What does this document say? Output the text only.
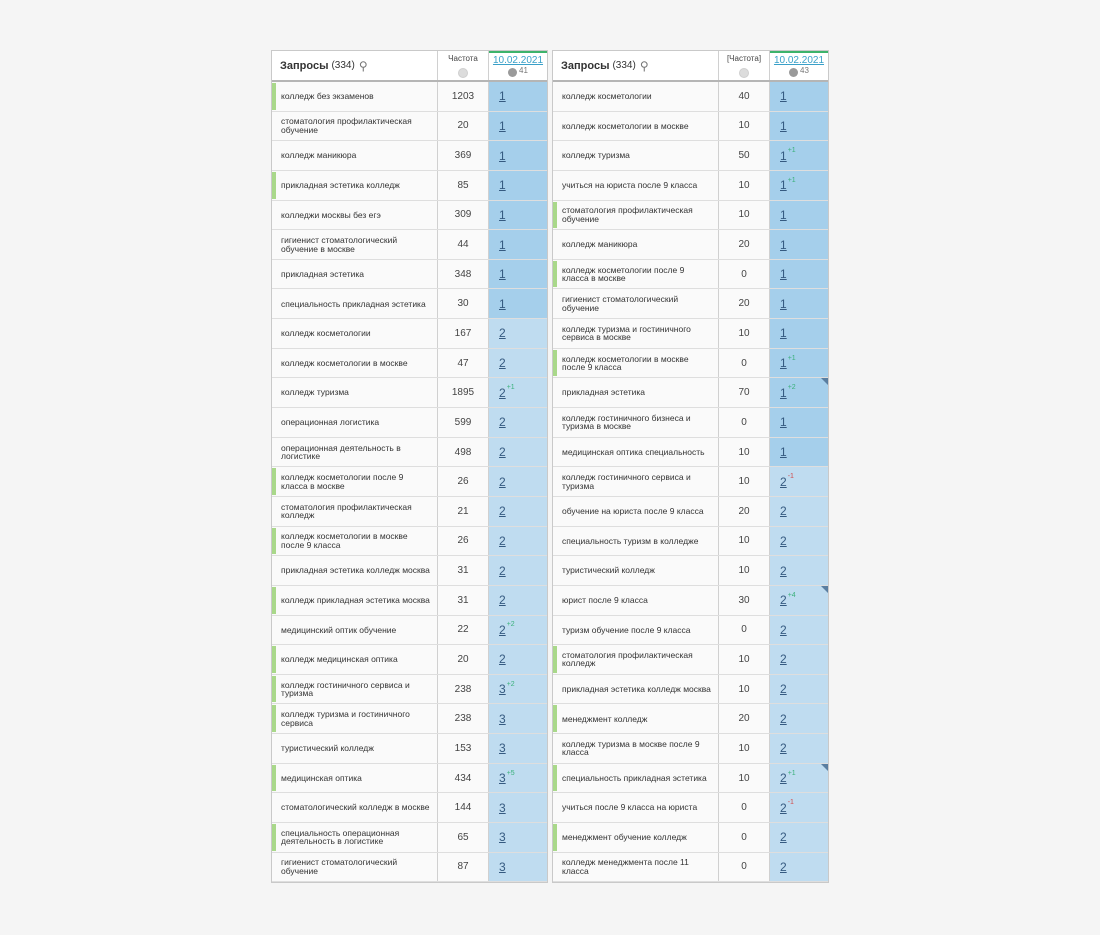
Запросы (334) ⚲	Частота	10.02.2021
41
колледж без экзаменов	1203	1
стоматология профилактическая обучение	20	1
колледж маникюра	369	1
прикладная эстетика колледж	85	1
колледжи москвы без егэ	309	1
гигиенист стоматологический обучение в москве	44	1
прикладная эстетика	348	1
специальность прикладная эстетика	30	1
колледж косметологии	167	2
колледж косметологии в москве	47	2
колледж туризма	1895	2 +1
операционная логистика	599	2
операционная деятельность в логистике	498	2
колледж косметологии после 9 класса в москве	26	2
стоматология профилактическая колледж	21	2
колледж косметологии в москве после 9 класса	26	2
прикладная эстетика колледж москва	31	2
колледж прикладная эстетика москва	31	2
медицинский оптик обучение	22	2 +2
колледж медицинская оптика	20	2
колледж гостиничного сервиса и туризма	238	3 +2
колледж туризма и гостиничного сервиса	238	3
туристический колледж	153	3
медицинская оптика	434	3 +5
стоматологический колледж в москве	144	3
специальность операционная деятельность в логистике	65	3
гигиенист стоматологический обучение	87	3
Запросы (334) ⚲	[Частота]	10.02.2021
43
колледж косметологии	40	1
колледж косметологии в москве	10	1
колледж туризма	50	1 +1
учиться на юриста после 9 класса	10	1 +1
стоматология профилактическая обучение	10	1
колледж маникюра	20	1
колледж косметологии после 9 класса в москве	0	1
гигиенист стоматологический обучение	20	1
колледж туризма и гостиничного сервиса в москве	10	1
колледж косметологии в москве после 9 класса	0	1 +1
прикладная эстетика	70	1 +2
колледж гостиничного бизнеса и туризма в москве	0	1
медицинская оптика специальность	10	1
колледж гостиничного сервиса и туризма	10	2 -1
обучение на юриста после 9 класса	20	2
специальность туризм в колледже	10	2
туристический колледж	10	2
юрист после 9 класса	30	2 +4
туризм обучение после 9 класса	0	2
стоматология профилактическая колледж	10	2
прикладная эстетика колледж москва	10	2
менеджмент колледж	20	2
колледж туризма в москве после 9 класса	10	2
специальность прикладная эстетика	10	2 +1
учиться после 9 класса на юриста	0	2 -1
менеджмент обучение колледж	0	2
колледж менеджмента после 11 класса	0	2
